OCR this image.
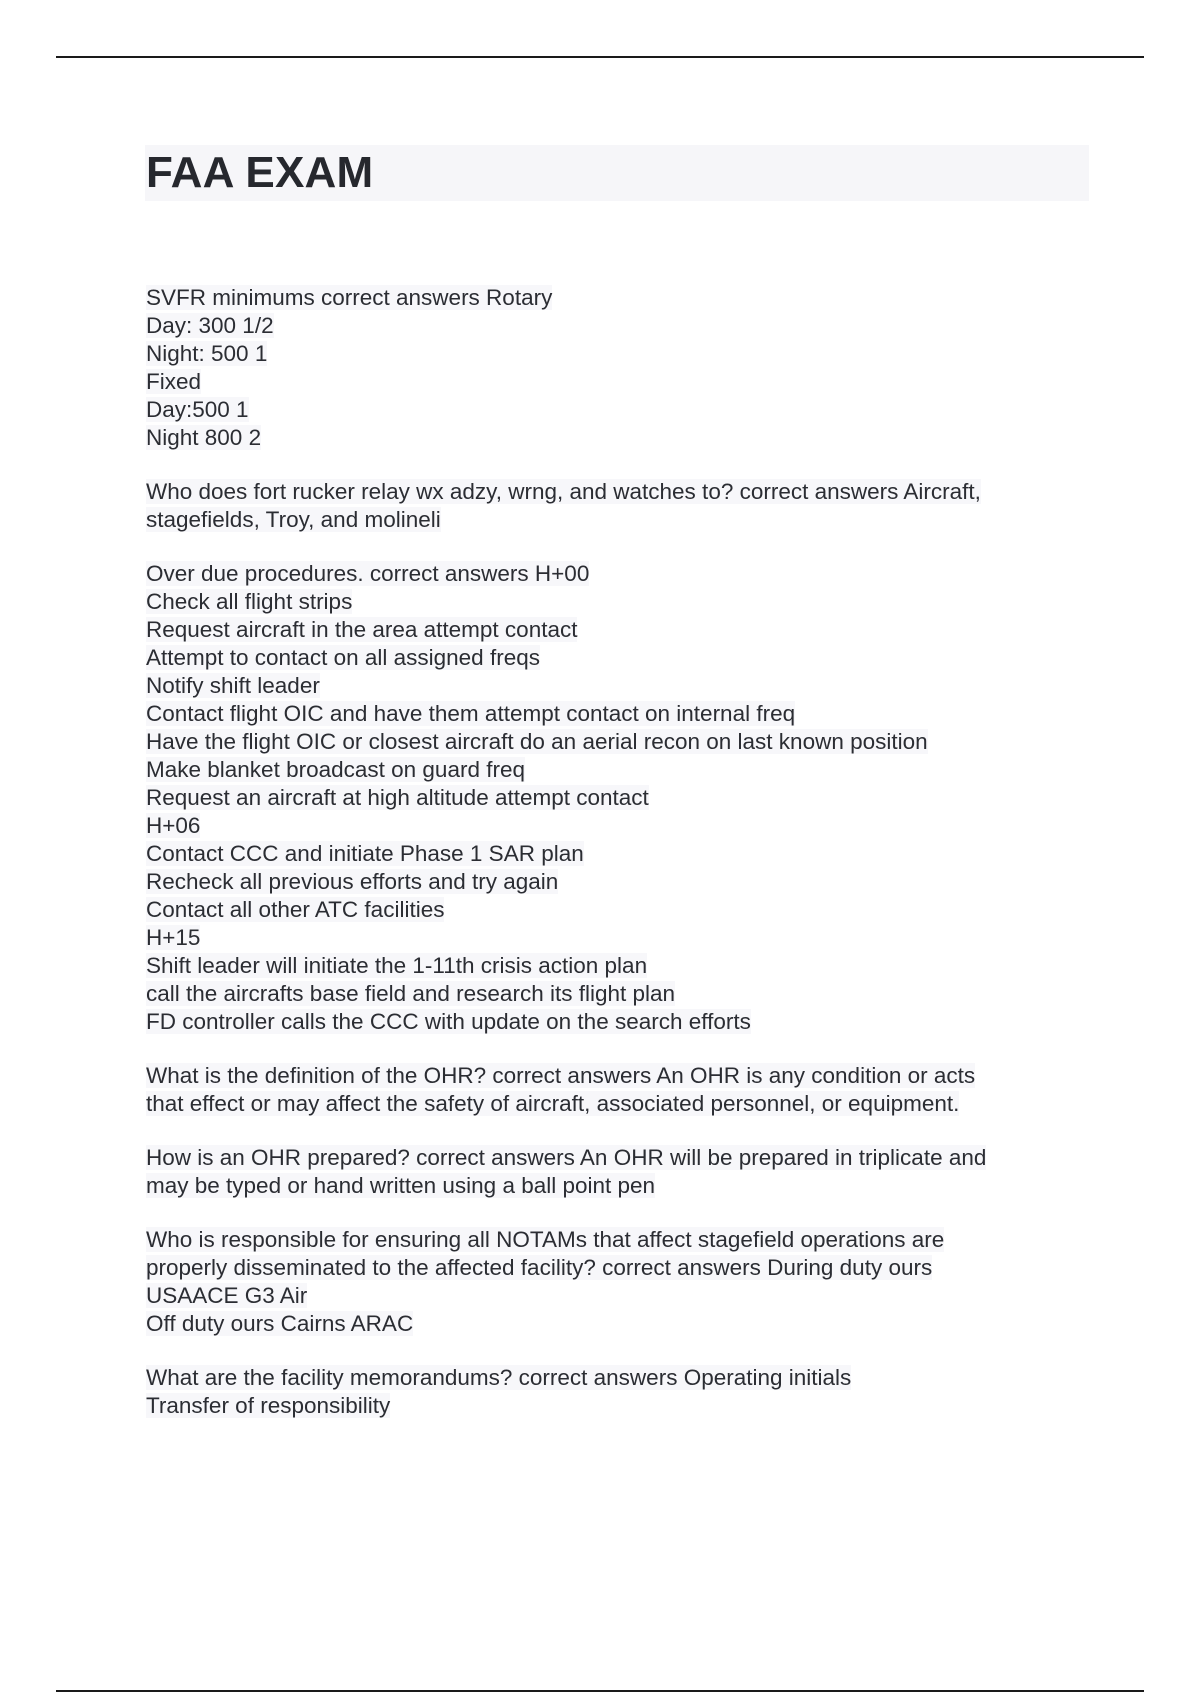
FAA EXAM
SVFR minimums correct answers Rotary
Day: 300 1/2
Night: 500 1
Fixed
Day:500 1
Night 800 2
Who does fort rucker relay wx adzy, wrng, and watches to? correct answers Aircraft,
stagefields, Troy, and molineli
Over due procedures. correct answers H+00
Check all flight strips
Request aircraft in the area attempt contact
Attempt to contact on all assigned freqs
Notify shift leader
Contact flight OIC and have them attempt contact on internal freq
Have the flight OIC or closest aircraft do an aerial recon on last known position
Make blanket broadcast on guard freq
Request an aircraft at high altitude attempt contact
H+06
Contact CCC and initiate Phase 1 SAR plan
Recheck all previous efforts and try again
Contact all other ATC facilities
H+15
Shift leader will initiate the 1-11th crisis action plan
call the aircrafts base field and research its flight plan
FD controller calls the CCC with update on the search efforts
What is the definition of the OHR? correct answers An OHR is any condition or acts
that effect or may affect the safety of aircraft, associated personnel, or equipment.
How is an OHR prepared? correct answers An OHR will be prepared in triplicate and
may be typed or hand written using a ball point pen
Who is responsible for ensuring all NOTAMs that affect stagefield operations are
properly disseminated to the affected facility? correct answers During duty ours
USAACE G3 Air
Off duty ours Cairns ARAC
What are the facility memorandums? correct answers Operating initials
Transfer of responsibility
